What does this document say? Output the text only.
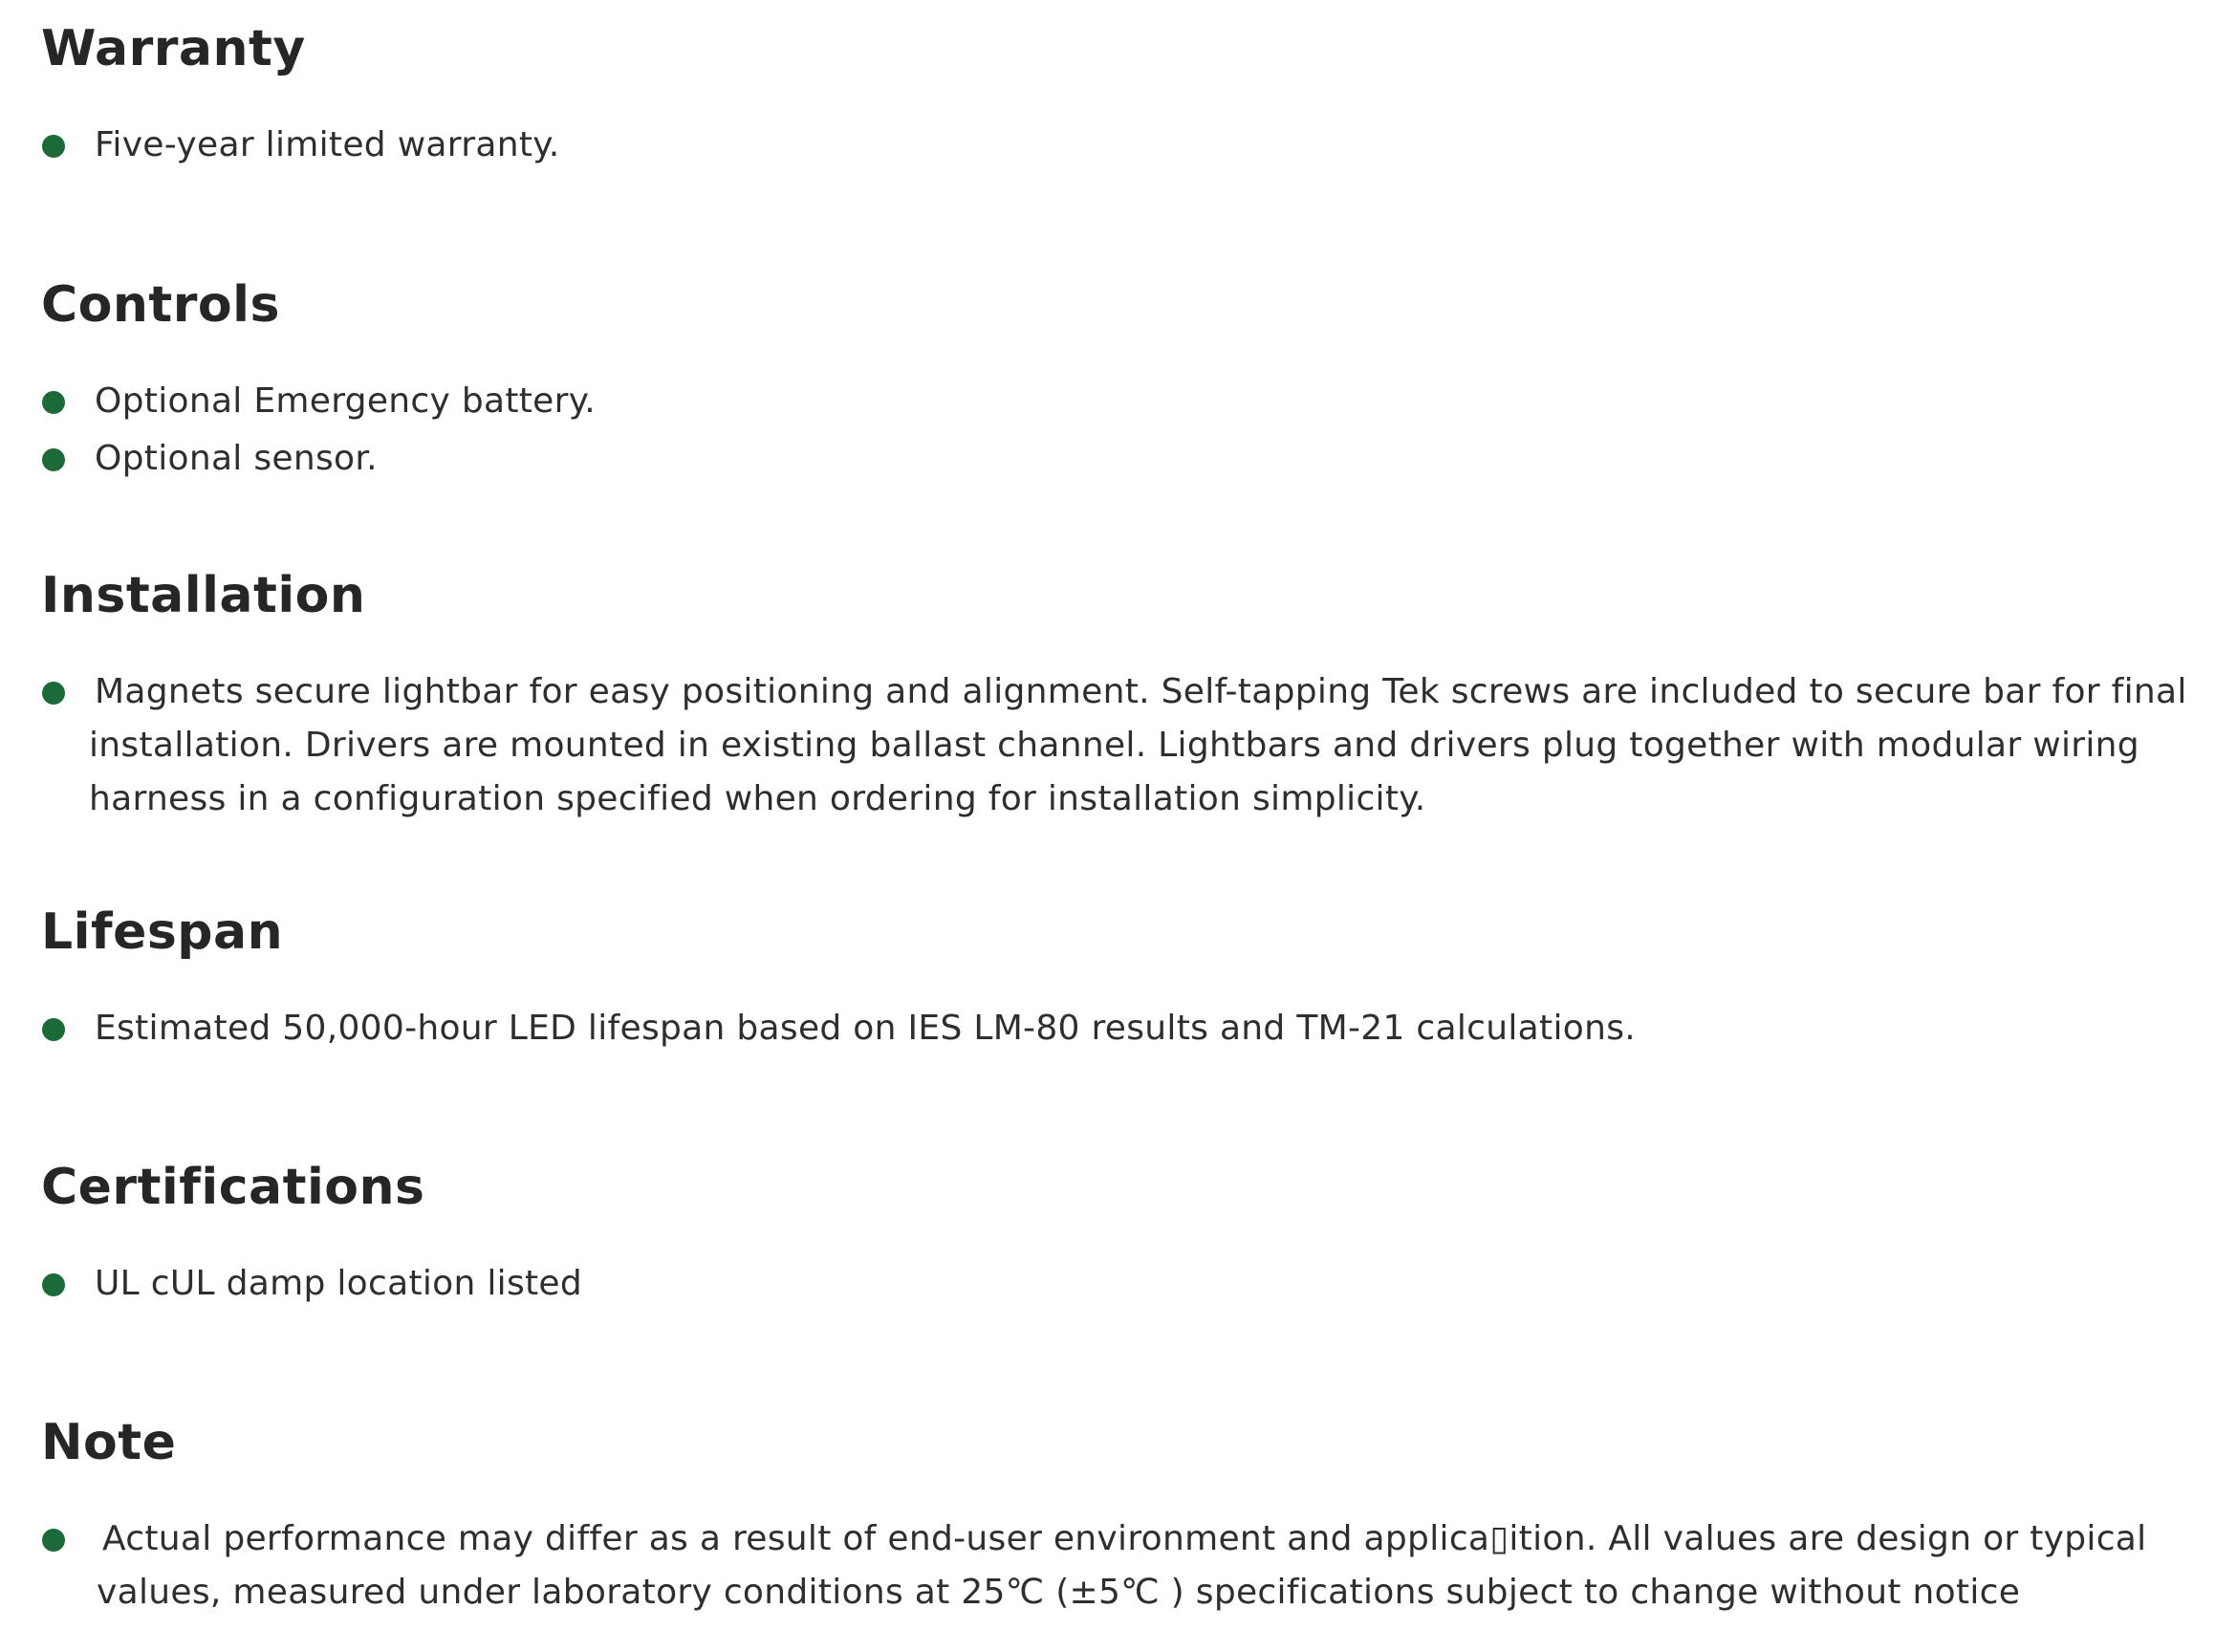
Warranty
Five-year limited warranty.
Controls
Optional Emergency battery.
Optional sensor.
Installation
Magnets secure lightbar for easy positioning and alignment. Self-tapping Tek screws are included to secure bar for final installation. Drivers are mounted in existing ballast channel. Lightbars and drivers plug together with modular wiring harness in a configuration specified when ordering for installation simplicity.
Lifespan
Estimated 50,000-hour LED lifespan based on IES LM-80 results and TM-21 calculations.
Certifications
UL cUL damp location listed
Note
Actual performance may differ as a result of end-user environment and applica▯ition. All values are design or typical values, measured under laboratory conditions at 25℃ (±5℃ ) specifications subject to change without notice
